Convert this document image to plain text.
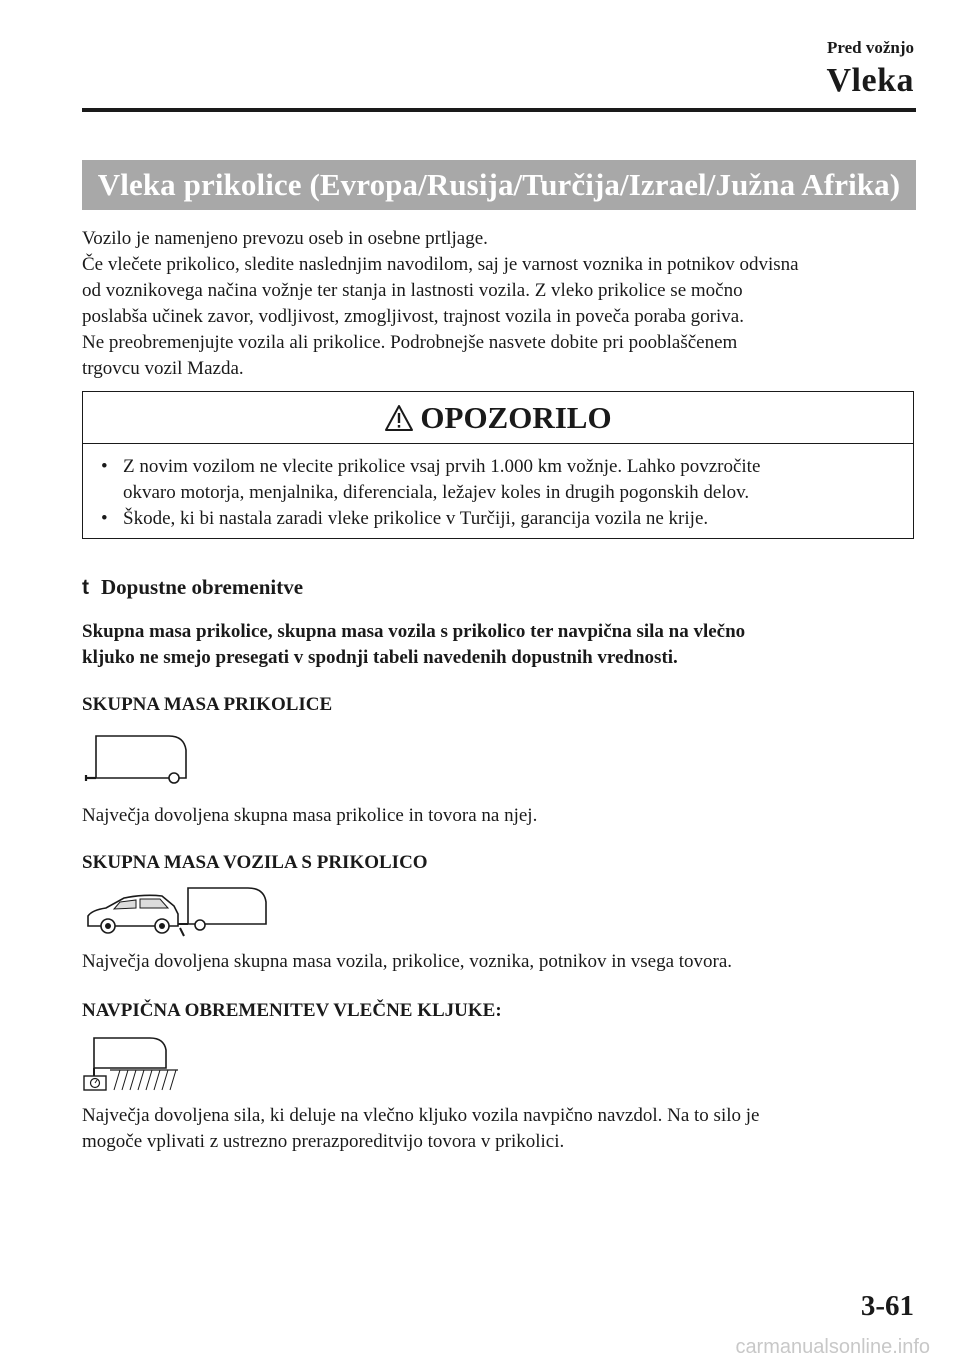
Pred vožnjo
Vleka
Vleka prikolice (Evropa/Rusija/Turčija/Izrael/Južna Afrika)

Vozilo je namenjeno prevozu oseb in osebne prtljage.

Če vlečete prikolico, sledite naslednjim navodilom, saj je varnost voznika in potnikov odvisna

od voznikovega načina vožnje ter stanja in lastnosti vozila. Z vleko prikolice se močno

poslabša učinek zavor, vodljivost, zmogljivost, trajnost vozila in poveča poraba goriva.

Ne preobremenjujte vozila ali prikolice. Podrobnejše nasvete dobite pri pooblaščenem

trgovcu vozil Mazda.

OPOZORILO
• Z novim vozilom ne vlecite prikolice vsaj prvih 1.000 km vožnje. Lahko povzročite
okvaro motorja, menjalnika, diferenciala, ležajev koles in drugih pogonskih delov.
• Škode, ki bi nastala zaradi vleke prikolice v Turčiji, garancija vozila ne krije.
t Dopustne obremenitve

Skupna masa prikolice, skupna masa vozila s prikolico ter navpična sila na vlečno

kljuko ne smejo presegati v spodnji tabeli navedenih dopustnih vrednosti.

SKUPNA MASA PRIKOLICE

Največja dovoljena skupna masa prikolice in tovora na njej.

SKUPNA MASA VOZILA S PRIKOLICO

Največja dovoljena skupna masa vozila, prikolice, voznika, potnikov in vsega tovora.

NAVPIČNA OBREMENITEV VLEČNE KLJUKE:

Največja dovoljena sila, ki deluje na vlečno kljuko vozila navpično navzdol. Na to silo je

mogoče vplivati z ustrezno prerazporeditvijo tovora v prikolici.

3-61
carmanualsonline.info
